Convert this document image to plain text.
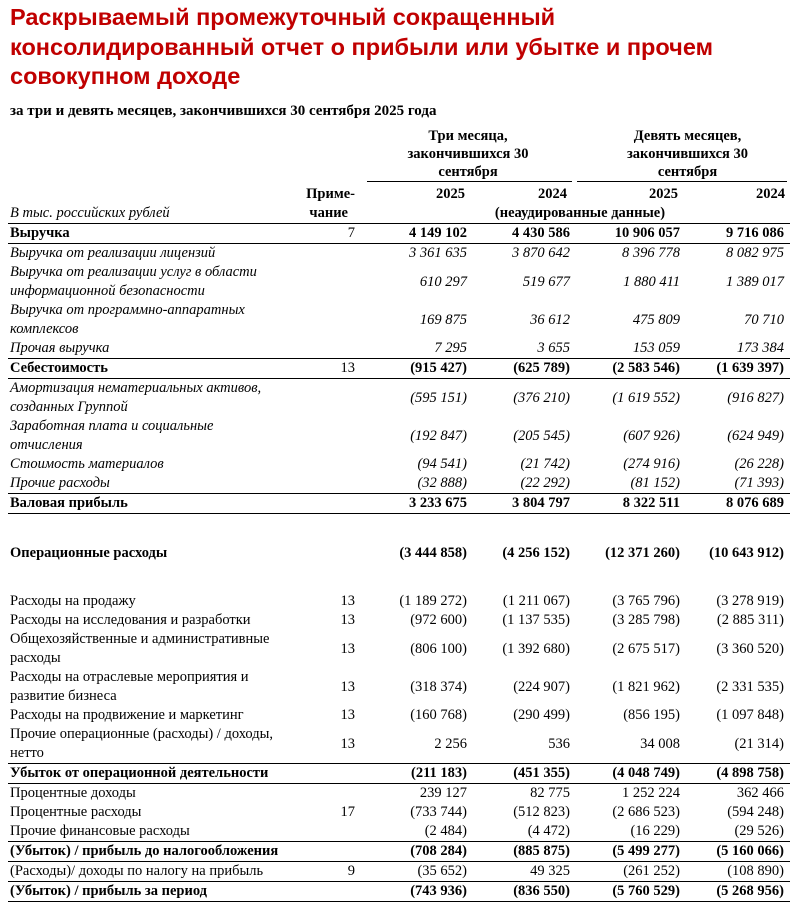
Раскрываемый промежуточный сокращенный консолидированный отчет о прибыли или убытке и прочем совокупном доходе
за три и девять месяцев, закончившихся 30 сентября 2025 года
Три месяца, закончившихся 30 сентября
Девять месяцев, закончившихся 30 сентября
Приме-
чание
2025	2024	2025	2024
В тыс. российских рублей	(неаудированные данные)
Выручка	7	4 149 102	4 430 586	10 906 057	9 716 086
Выручка от реализации лицензий		3 361 635	3 870 642	8 396 778	8 082 975
Выручка от реализации услуг в области информационной безопасности		610 297	519 677	1 880 411	1 389 017
Выручка от программно-аппаратных комплексов		169 875	36 612	475 809	70 710
Прочая выручка		7 295	3 655	153 059	173 384
Себестоимость	13	(915 427)	(625 789)	(2 583 546)	(1 639 397)
Амортизация нематериальных активов, созданных Группой		(595 151)	(376 210)	(1 619 552)	(916 827)
Заработная плата и социальные отчисления		(192 847)	(205 545)	(607 926)	(624 949)
Стоимость материалов		(94 541)	(21 742)	(274 916)	(26 228)
Прочие расходы		(32 888)	(22 292)	(81 152)	(71 393)
Валовая прибыль		3 233 675	3 804 797	8 322 511	8 076 689

Операционные расходы		(3 444 858)	(4 256 152)	(12 371 260)	(10 643 912)

Расходы на продажу	13	(1 189 272)	(1 211 067)	(3 765 796)	(3 278 919)
Расходы на исследования и разработки	13	(972 600)	(1 137 535)	(3 285 798)	(2 885 311)
Общехозяйственные и административные расходы	13	(806 100)	(1 392 680)	(2 675 517)	(3 360 520)
Расходы на отраслевые мероприятия и развитие бизнеса	13	(318 374)	(224 907)	(1 821 962)	(2 331 535)
Расходы на продвижение и маркетинг	13	(160 768)	(290 499)	(856 195)	(1 097 848)
Прочие операционные (расходы) / доходы, нетто	13	2 256	536	34 008	(21 314)
Убыток от операционной деятельности		(211 183)	(451 355)	(4 048 749)	(4 898 758)
Процентные доходы		239 127	82 775	1 252 224	362 466
Процентные расходы	17	(733 744)	(512 823)	(2 686 523)	(594 248)
Прочие финансовые расходы		(2 484)	(4 472)	(16 229)	(29 526)
(Убыток) / прибыль до налогообложения		(708 284)	(885 875)	(5 499 277)	(5 160 066)
(Расходы)/ доходы по налогу на прибыль	9	(35 652)	49 325	(261 252)	(108 890)
(Убыток) / прибыль за период		(743 936)	(836 550)	(5 760 529)	(5 268 956)
